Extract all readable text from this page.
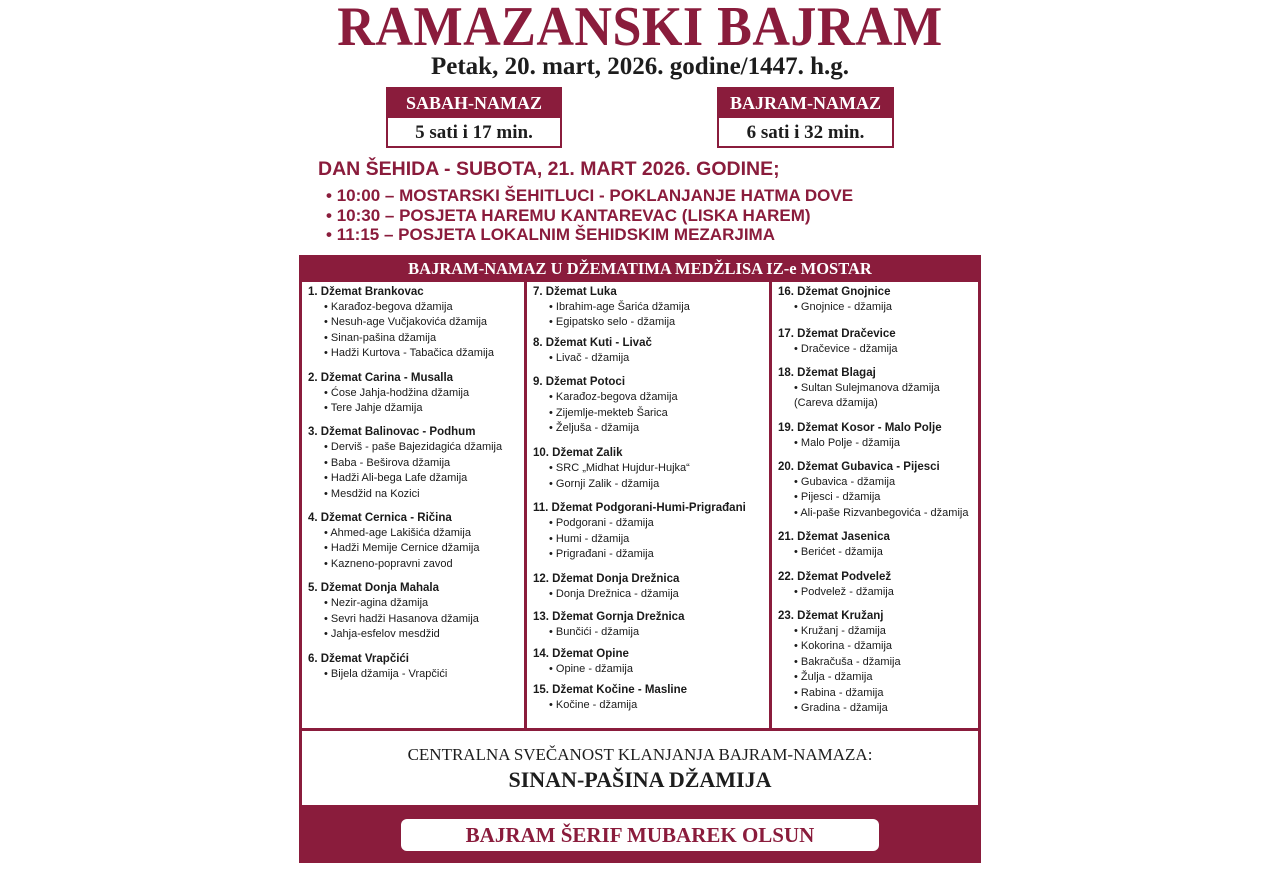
RAMAZANSKI BAJRAM
Petak, 20. mart, 2026. godine/1447. h.g.
SABAH-NAMAZ
5 sati i 17 min.
BAJRAM-NAMAZ
6 sati i 32 min.
DAN ŠEHIDA - SUBOTA, 21. MART 2026. GODINE;
• 10:00 – MOSTARSKI ŠEHITLUCI - POKLANJANJE HATMA DOVE
• 10:30 – POSJETA HAREMU KANTAREVAC (LISKA HAREM)
• 11:15 – POSJETA LOKALNIM ŠEHIDSKIM MEZARJIMA
BAJRAM-NAMAZ U DŽEMATIMA MEDŽLISA IZ-e MOSTAR
1. Džemat Brankovac
• Karađoz-begova džamija
• Nesuh-age Vučjakovića džamija
• Sinan-pašina džamija
• Hadži Kurtova - Tabačica džamija
2. Džemat Carina - Musalla
• Ćose Jahja-hodžina džamija
• Tere Jahje džamija
3. Džemat Balinovac - Podhum
• Derviš - paše Bajezidagića džamija
• Baba - Beširova džamija
• Hadži Ali-bega Lafe džamija
• Mesdžid na Kozici
4. Džemat Cernica - Ričina
• Ahmed-age Lakišića džamija
• Hadži Memije Cernice džamija
• Kazneno-popravni zavod
5. Džemat Donja Mahala
• Nezir-agina džamija
• Sevri hadži Hasanova džamija
• Jahja-esfelov mesdžid
6. Džemat Vrapčići
• Bijela džamija - Vrapčići
7. Džemat Luka
• Ibrahim-age Šarića džamija
• Egipatsko selo - džamija
8. Džemat Kuti - Livač
• Livač - džamija
9. Džemat Potoci
• Karađoz-begova džamija
• Zijemlje-mekteb Šarica
• Željuša - džamija
10. Džemat Zalik
• SRC „Midhat Hujdur-Hujka“
• Gornji Zalik - džamija
11. Džemat Podgorani-Humi-Prigrađani
• Podgorani - džamija
• Humi - džamija
• Prigrađani - džamija
12. Džemat Donja Drežnica
• Donja Drežnica - džamija
13. Džemat Gornja Drežnica
• Bunčići - džamija
14. Džemat Opine
• Opine - džamija
15. Džemat Kočine - Masline
• Kočine - džamija
16. Džemat Gnojnice
• Gnojnice - džamija
17. Džemat Dračevice
• Dračevice - džamija
18. Džemat Blagaj
• Sultan Sulejmanova džamija
(Careva džamija)
19. Džemat Kosor - Malo Polje
• Malo Polje - džamija
20. Džemat Gubavica - Pijesci
• Gubavica - džamija
• Pijesci - džamija
• Ali-paše Rizvanbegovića - džamija
21. Džemat Jasenica
• Berićet - džamija
22. Džemat Podvelež
• Podvelež - džamija
23. Džemat Kružanj
• Kružanj - džamija
• Kokorina - džamija
• Bakračuša - džamija
• Žulja - džamija
• Rabina - džamija
• Gradina - džamija
CENTRALNA SVEČANOST KLANJANJA BAJRAM-NAMAZA:
SINAN-PAŠINA DŽAMIJA
BAJRAM ŠERIF MUBAREK OLSUN
